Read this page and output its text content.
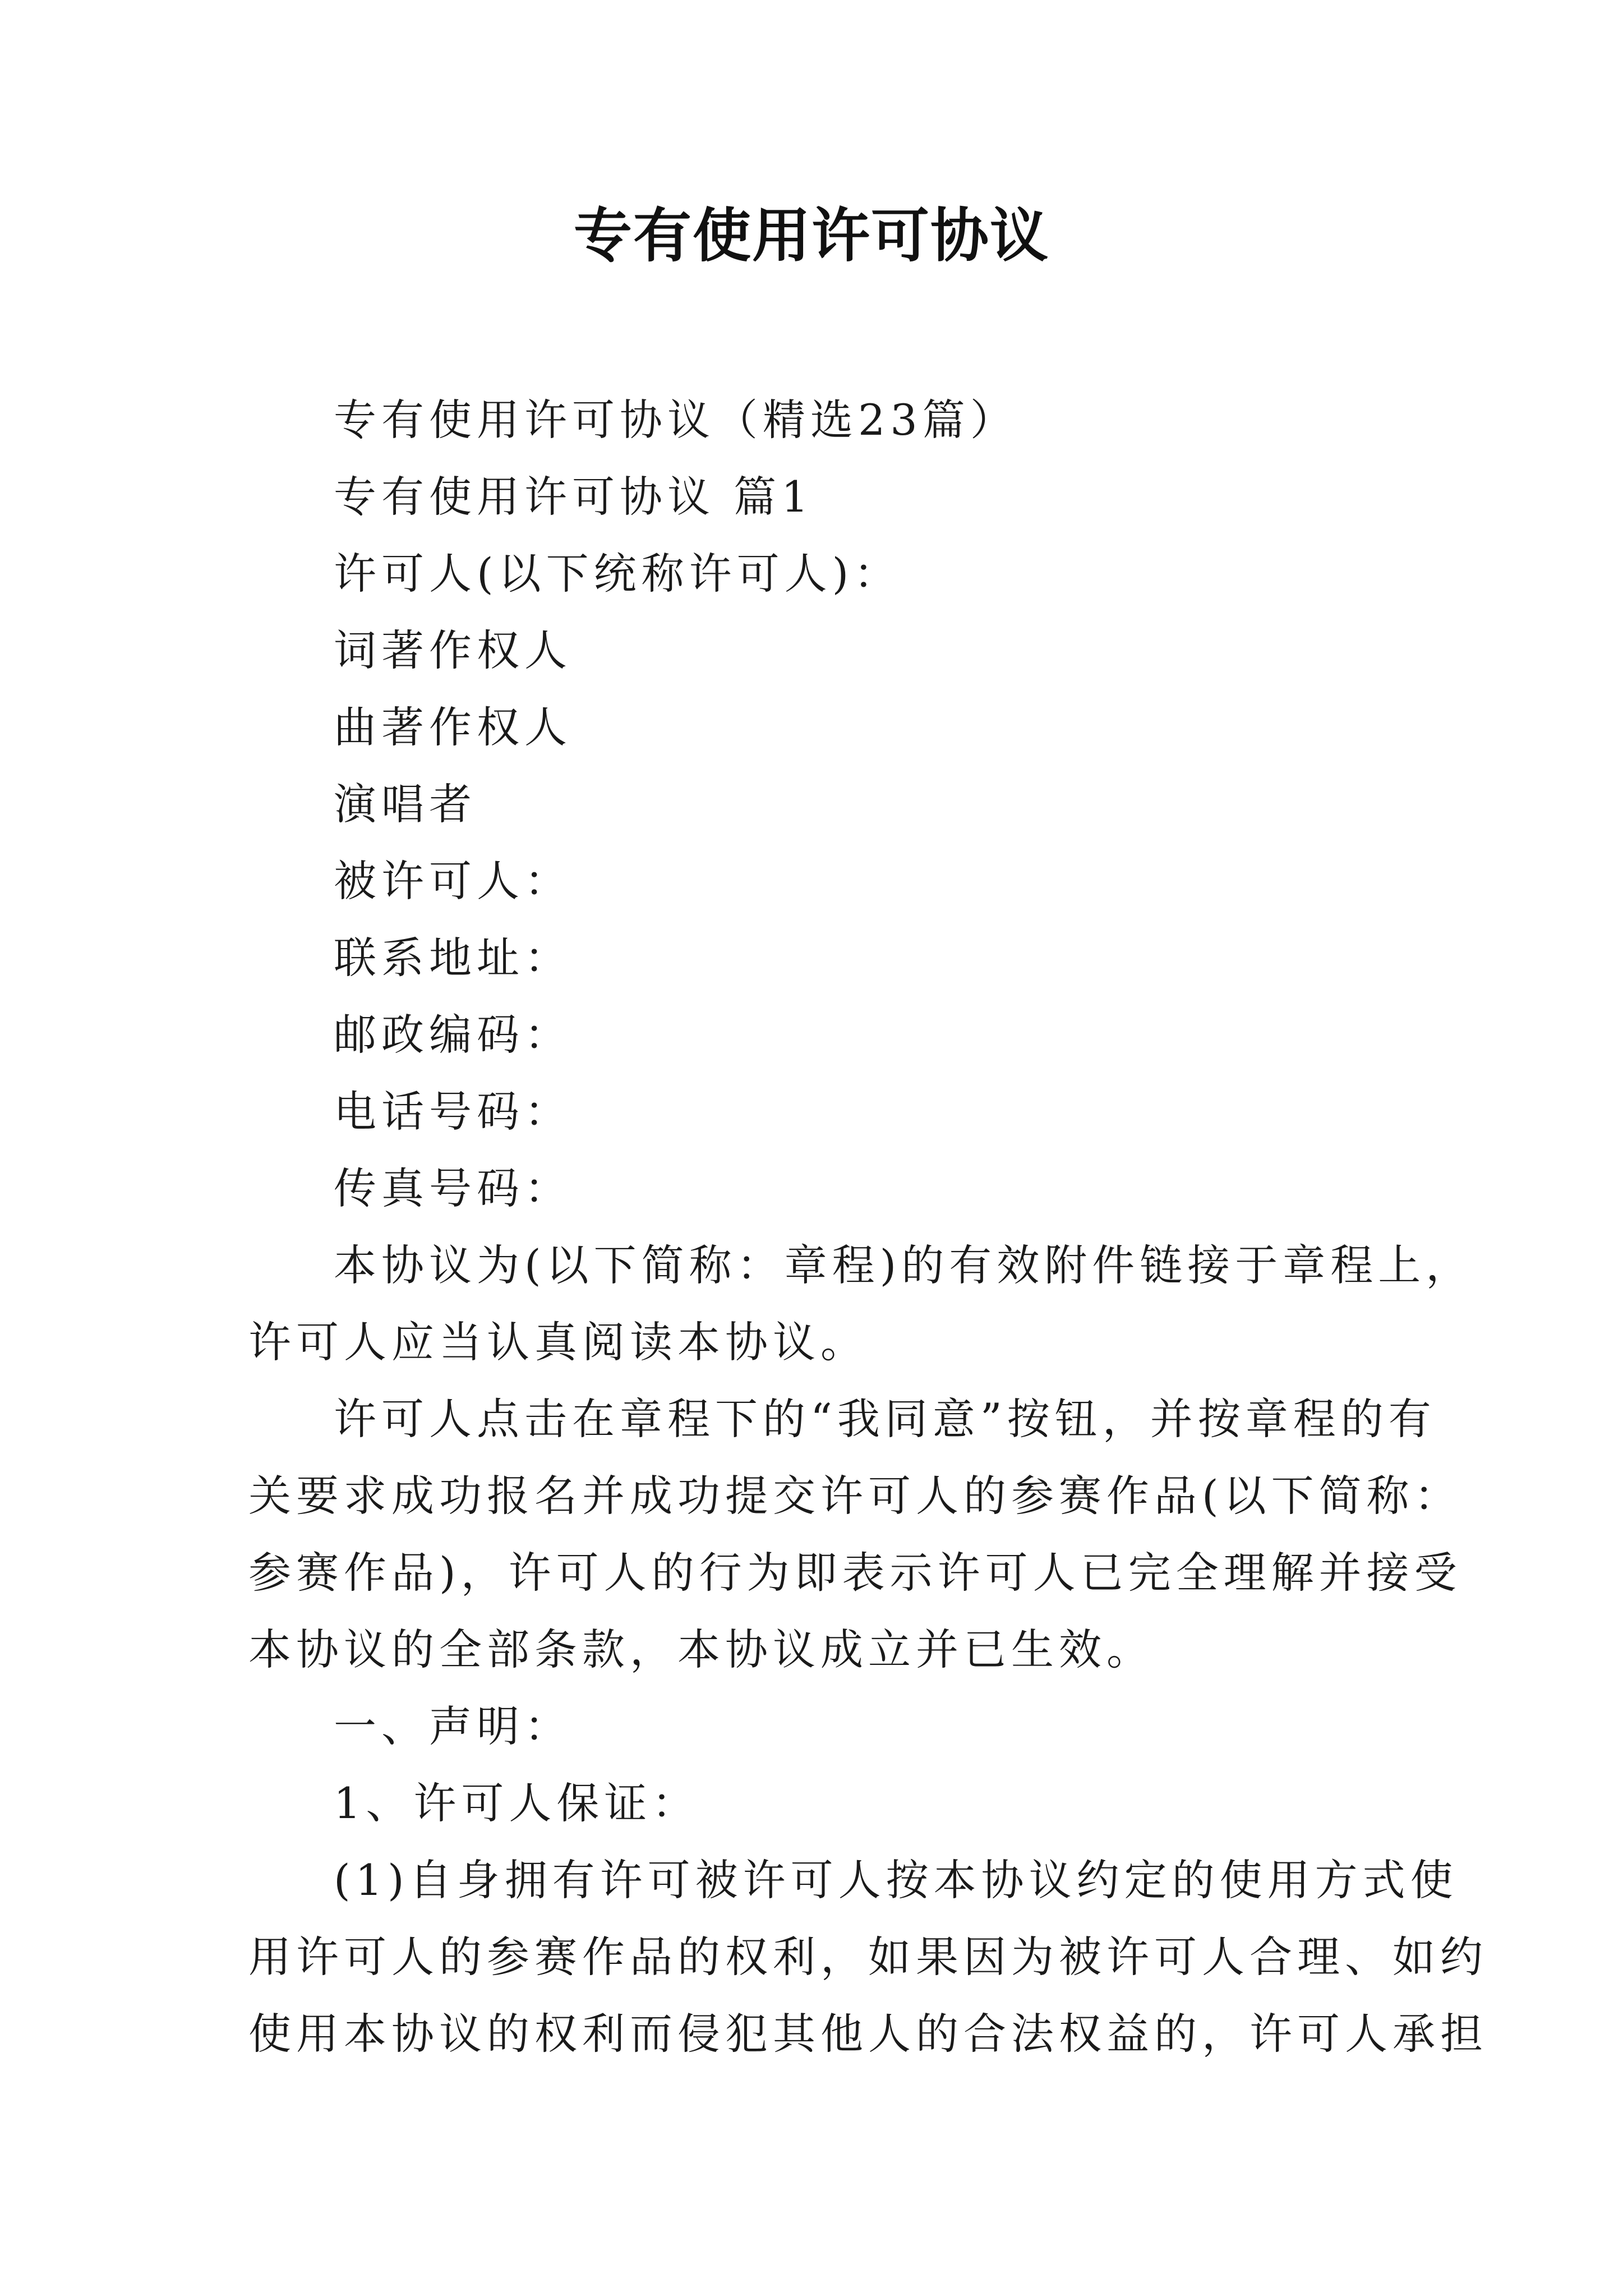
专有使用许可协议

专有使用许可协议（精选23篇）

专有使用许可协议 篇1

许可人(以下统称许可人)：

词著作权人

曲著作权人

演唱者

被许可人：

联系地址：

邮政编码：

电话号码：

传真号码：

本协议为(以下简称：章程)的有效附件链接于章程上，
许可人应当认真阅读本协议。

许可人点击在章程下的“我同意”按钮，并按章程的有
关要求成功报名并成功提交许可人的参赛作品(以下简称：
参赛作品)，许可人的行为即表示许可人已完全理解并接受
本协议的全部条款，本协议成立并已生效。

一、声明：

1、许可人保证：

(1)自身拥有许可被许可人按本协议约定的使用方式使
用许可人的参赛作品的权利，如果因为被许可人合理、如约
使用本协议的权利而侵犯其他人的合法权益的，许可人承担
